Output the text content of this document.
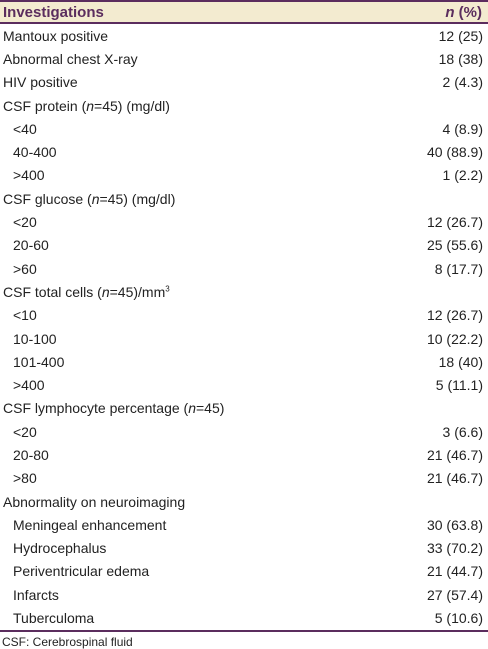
Investigations	n (%)
Mantoux positive	12 (25)
Abnormal chest X-ray	18 (38)
HIV positive	2 (4.3)
CSF protein (n=45) (mg/dl)
<40	4 (8.9)
40-400	40 (88.9)
>400	1 (2.2)
CSF glucose (n=45) (mg/dl)
<20	12 (26.7)
20-60	25 (55.6)
>60	8 (17.7)
CSF total cells $(n=45)/mm^3$
<10	12 (26.7)
10-100	10 (22.2)
101-400	18 (40)
>400	5 (11.1)
CSF lymphocyte percentage (n=45)
<20	3 (6.6)
20-80	21 (46.7)
>80	21 (46.7)
Abnormality on neuroimaging
Meningeal enhancement	30 (63.8)
Hydrocephalus	33 (70.2)
Periventricular edema	21 (44.7)
Infarcts	27 (57.4)
Tuberculoma	5 (10.6)
CSF: Cerebrospinal fluid
